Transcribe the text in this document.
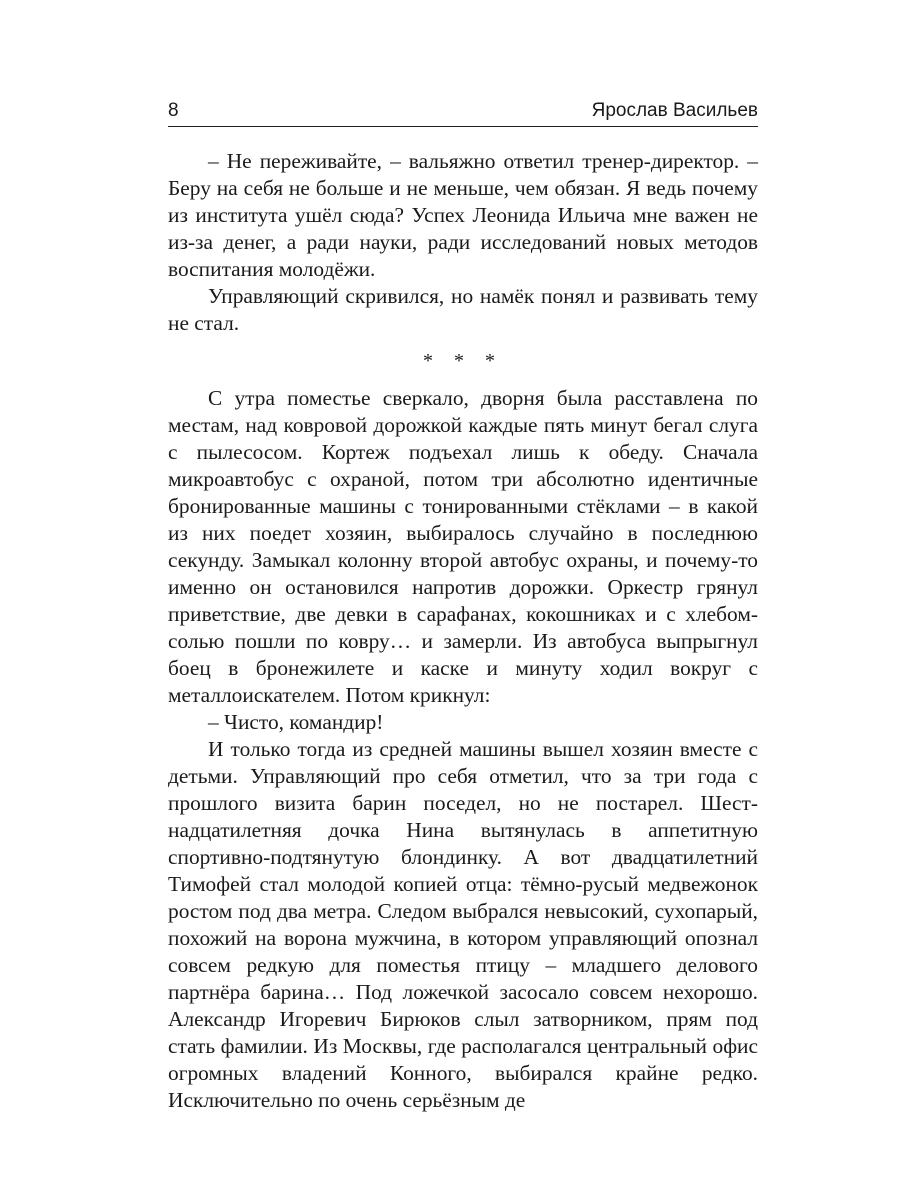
8	Ярослав Васильев

– Не переживайте, – вальяжно ответил тренер-директор. – Беру на себя не больше и не меньше, чем обязан. Я ведь почему из института ушёл сюда? Успех Леонида Ильича мне важен не из-за денег, а ради науки, ради исследований новых методов воспитания молодёжи.

Управляющий скривился, но намёк понял и развивать тему не стал.

* * *

С утра поместье сверкало, дворня была расставлена по местам, над ковровой дорожкой каждые пять минут бегал слуга с пылесосом. Кортеж подъехал лишь к обеду. Сначала микроавтобус с охраной, потом три абсолютно идентичные бронированные машины с тонированными стёклами – в какой из них поедет хозяин, выбиралось случайно в последнюю секунду. Замыкал колонну второй автобус охраны, и почему-то именно он остановился напротив дорожки. Оркестр грянул приветствие, две девки в сарафанах, кокошниках и с хлебом-солью пошли по ковру… и замерли. Из автобуса выпрыгнул боец в бронежилете и каске и минуту ходил вокруг с металлоискателем. Потом крикнул:

– Чисто, командир!

И только тогда из средней машины вышел хозяин вместе с детьми. Управляющий про себя отметил, что за три года с прошлого визита барин поседел, но не постарел. Шестнадцатилетняя дочка Нина вытянулась в аппетитную спортивно-подтянутую блондинку. А вот двадцатилетний Тимофей стал молодой копией отца: тёмно-русый медвежонок ростом под два метра. Следом выбрался невысокий, сухопарый, похожий на ворона мужчина, в котором управляющий опознал совсем редкую для поместья птицу – младшего делового партнёра барина… Под ложечкой засосало совсем нехорошо. Александр Игоревич Бирюков слыл затворником, прям под стать фамилии. Из Москвы, где располагался центральный офис огромных владений Конного, выбирался крайне редко. Исключительно по очень серьёзным де
